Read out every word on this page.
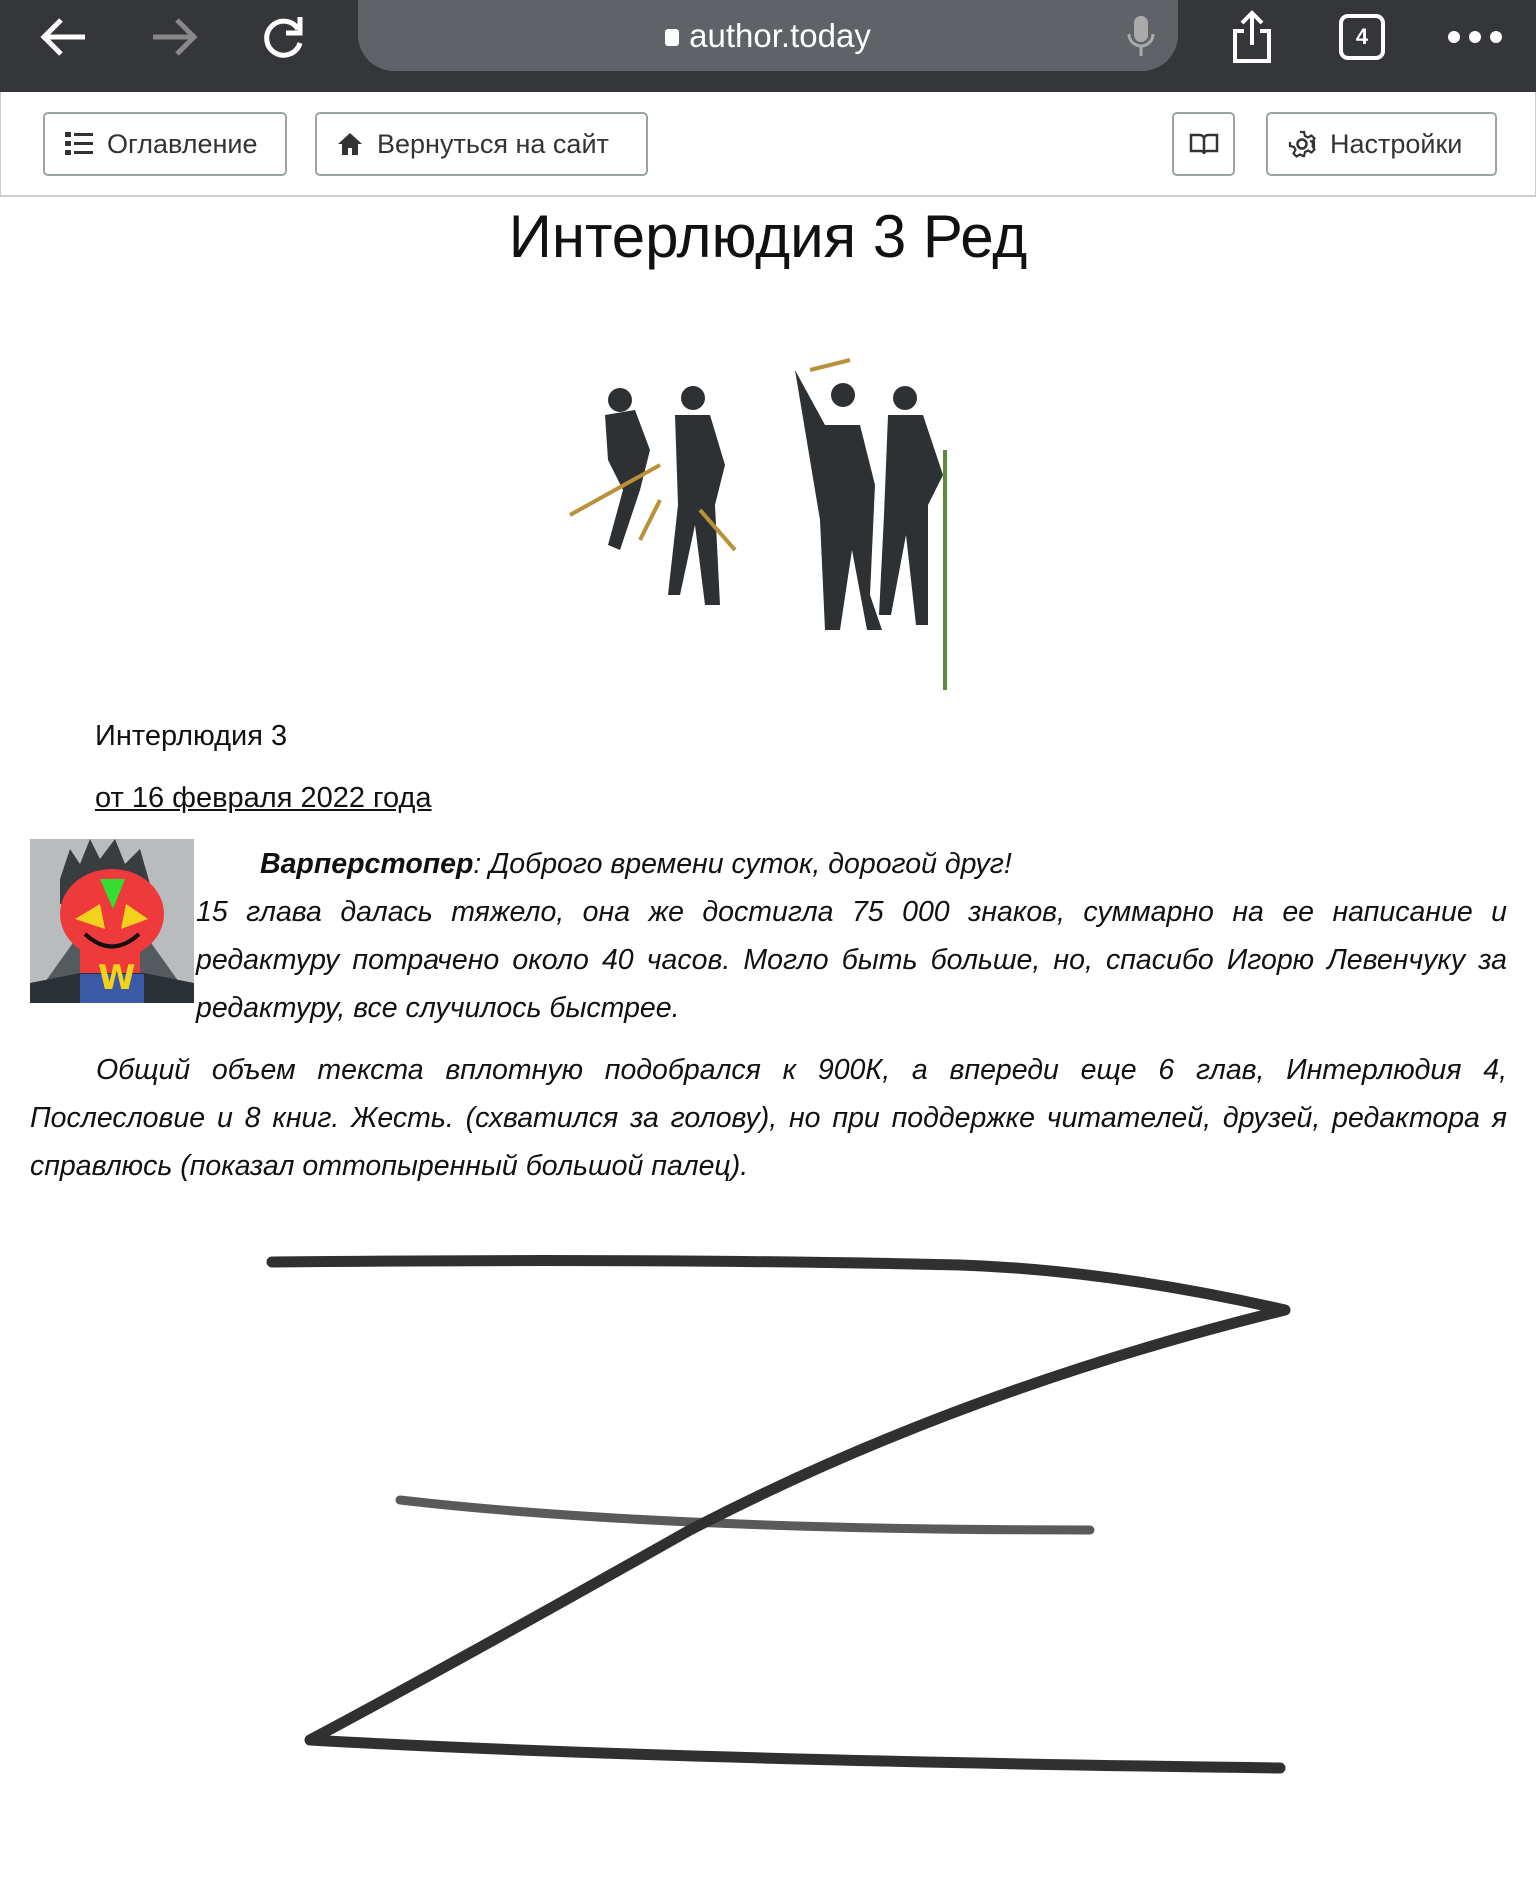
author.today	4
Оглавление	Вернуться на сайт	Настройки
Интерлюдия 3 Ред
Интерлюдия 3
от 16 февраля 2022 года
W
Варперстопер: Доброго времени суток, дорогой друг!
15 глава далась тяжело, она же достигла 75 000 знаков, суммарно на ее написание и редактуру потрачено около 40 часов. Могло быть больше, но, спасибо Игорю Левенчуку за редактуру, все случилось быстрее.
Общий объем текста вплотную подобрался к 900К, а впереди еще 6 глав, Интерлюдия 4, Послесловие и 8 книг. Жесть. (схватился за голову), но при поддержке читателей, друзей, редактора я справлюсь (показал оттопыренный большой палец).
